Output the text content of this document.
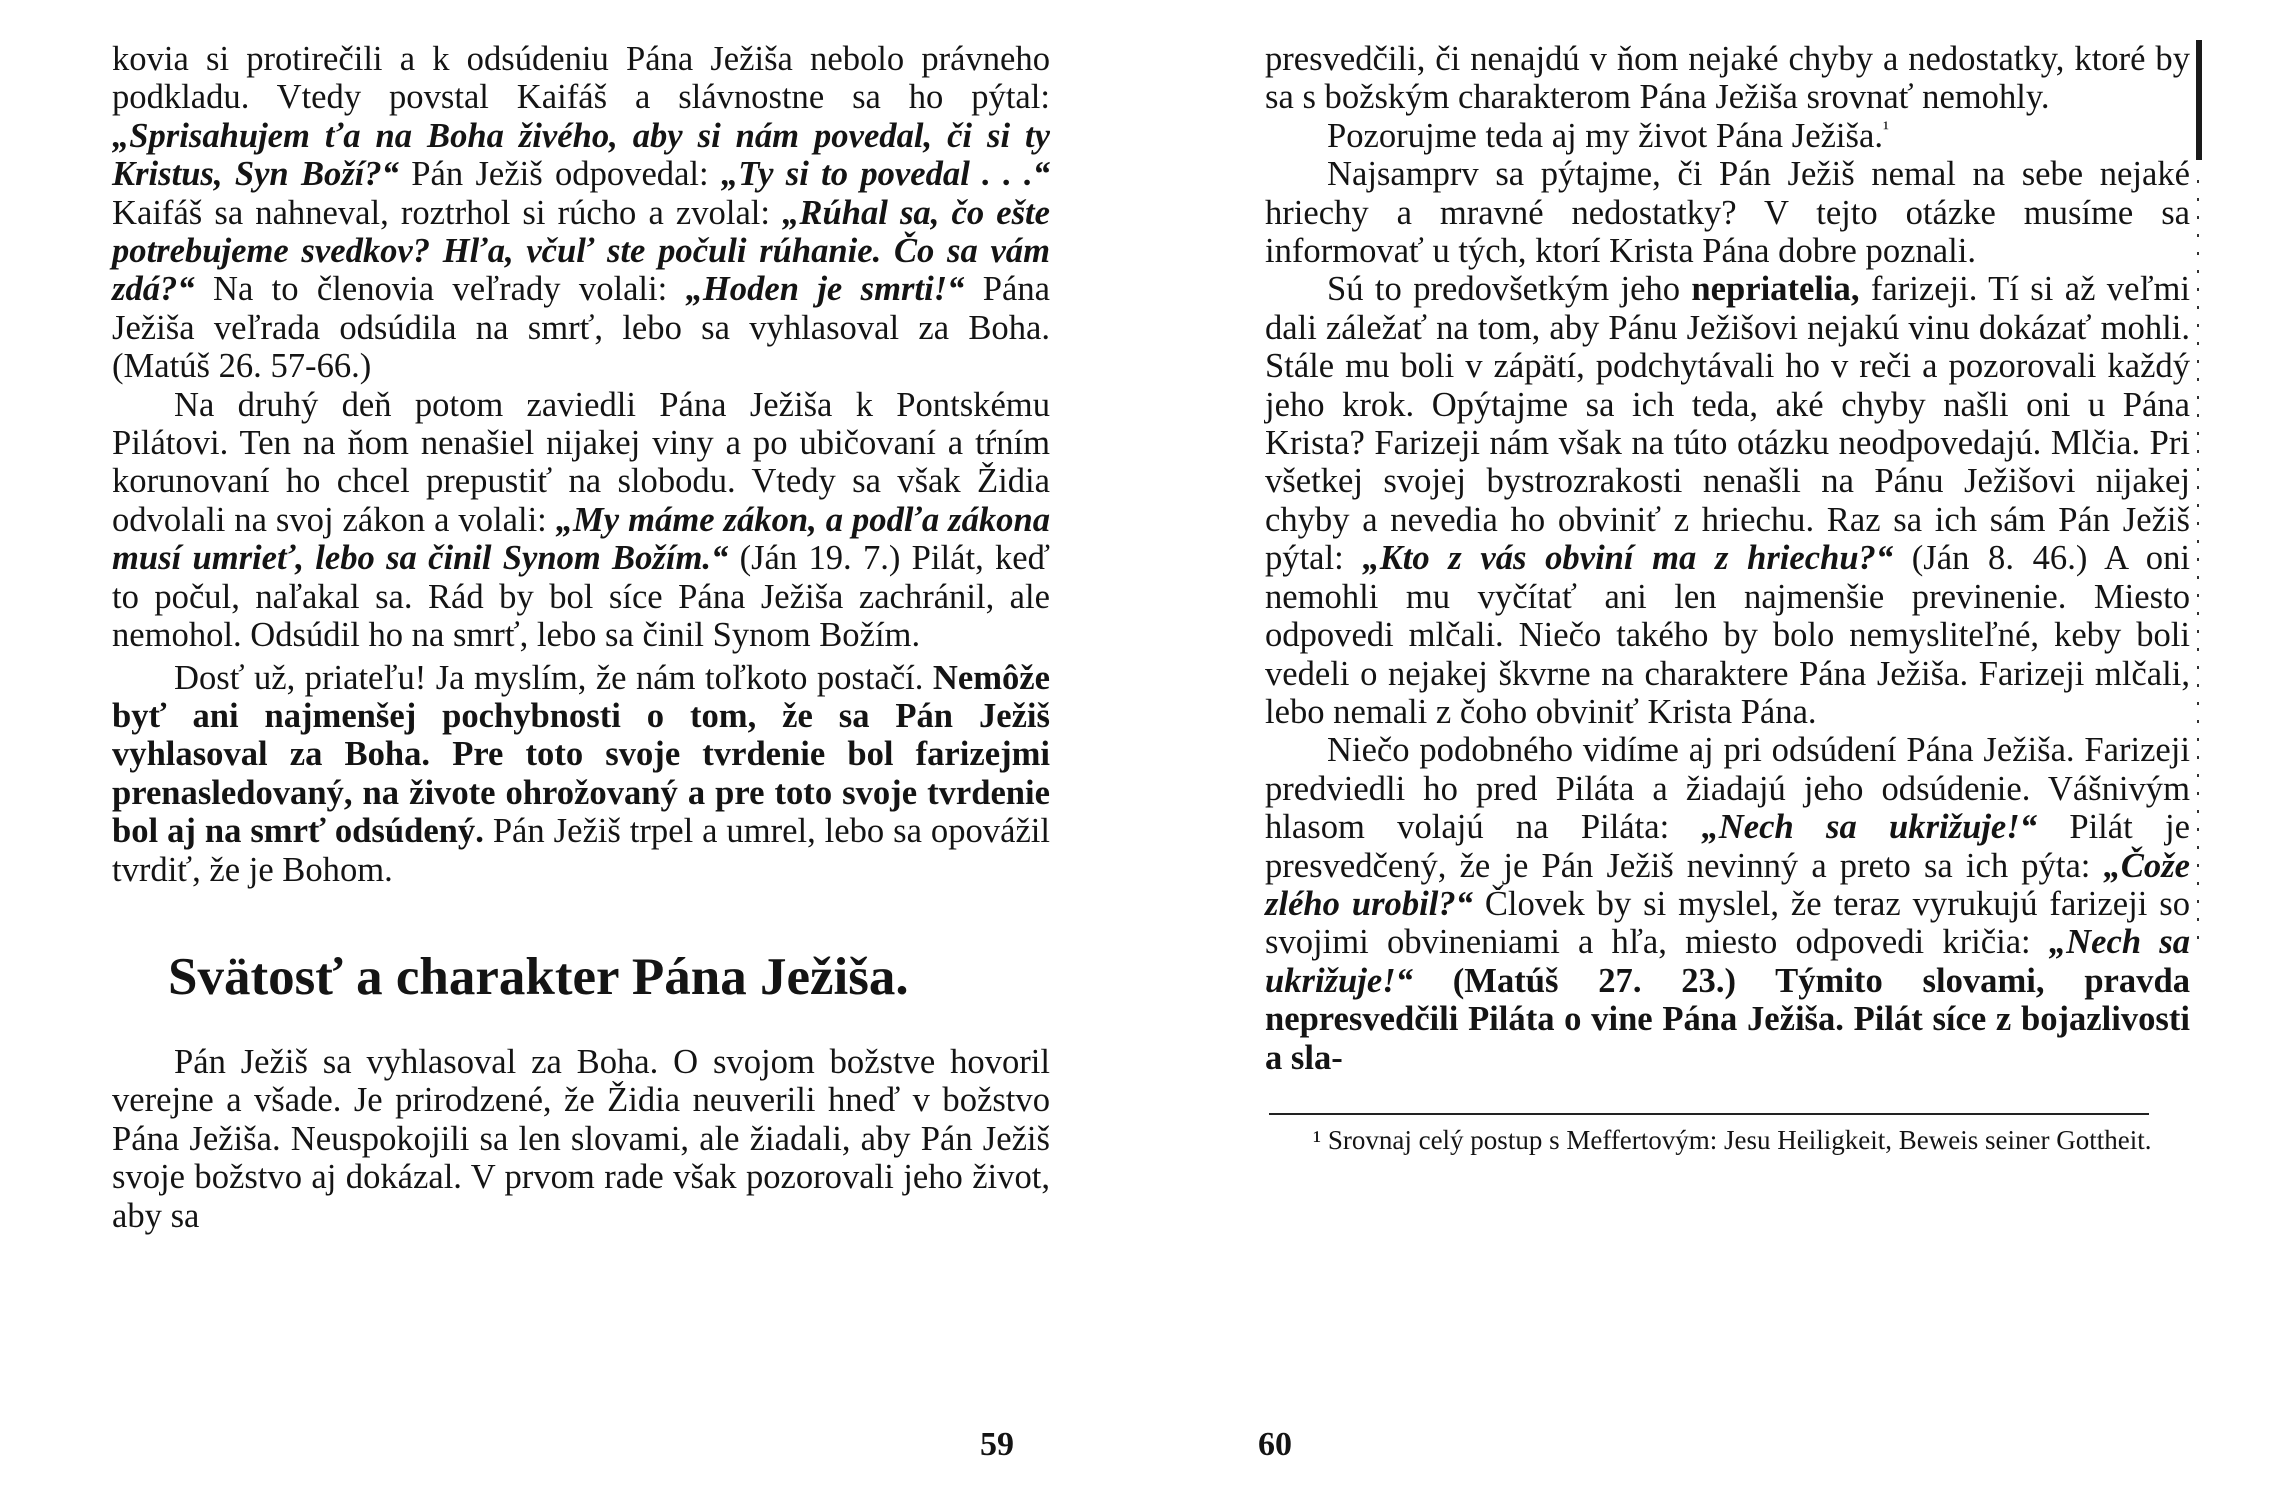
kovia si protirečili a k odsúdeniu Pána Ježiša nebolo právneho podkladu. Vtedy povstal Kaifáš a slávnostne sa ho pýtal: „Sprisahujem ťa na Boha živého, aby si nám povedal, či si ty Kristus, Syn Boží?“ Pán Ježiš odpovedal: „Ty si to povedal . . .“ Kaifáš sa nahneval, roztrhol si rúcho a zvolal: „Rúhal sa, čo ešte potrebujeme svedkov? Hľa, včuľ ste počuli rúhanie. Čo sa vám zdá?“ Na to členovia veľrady volali: „Hoden je smrti!“ Pána Ježiša veľrada odsúdila na smrť, lebo sa vyhlasoval za Boha. (Matúš 26. 57-66.)

Na druhý deň potom zaviedli Pána Ježiša k Pontskému Pilátovi. Ten na ňom nenašiel nijakej viny a po ubičovaní a tŕním korunovaní ho chcel prepustiť na slobodu. Vtedy sa však Židia odvolali na svoj zákon a volali: „My máme zákon, a podľa zákona musí umrieť, lebo sa činil Synom Božím.“ (Ján 19. 7.) Pilát, keď to počul, naľakal sa. Rád by bol síce Pána Ježiša zachránil, ale nemohol. Odsúdil ho na smrť, lebo sa činil Synom Božím.

Dosť už, priateľu! Ja myslím, že nám toľkoto postačí. Nemôže byť ani najmenšej pochybnosti o tom, že sa Pán Ježiš vyhlasoval za Boha. Pre toto svoje tvrdenie bol farizejmi prenasledovaný, na živote ohrožovaný a pre toto svoje tvrdenie bol aj na smrť odsúdený. Pán Ježiš trpel a umrel, lebo sa opovážil tvrdiť, že je Bohom.

Svätosť a charakter Pána Ježiša.

Pán Ježiš sa vyhlasoval za Boha. O svojom božstve hovoril verejne a všade. Je prirodzené, že Židia neuverili hneď v božstvo Pána Ježiša. Neuspokojili sa len slovami, ale žiadali, aby Pán Ježiš svoje božstvo aj dokázal. V prvom rade však pozorovali jeho život, aby sa

59

presvedčili, či nenajdú v ňom nejaké chyby a nedostatky, ktoré by sa s božským charakterom Pána Ježiša srovnať nemohly.

Pozorujme teda aj my život Pána Ježiša.$^{^1}$

Najsamprv sa pýtajme, či Pán Ježiš nemal na sebe nejaké hriechy a mravné nedostatky? V tejto otázke musíme sa informovať u tých, ktorí Krista Pána dobre poznali.

Sú to predovšetkým jeho nepriatelia, farizeji. Tí si až veľmi dali záležať na tom, aby Pánu Ježišovi nejakú vinu dokázať mohli. Stále mu boli v zápätí, podchytávali ho v reči a pozorovali každý jeho krok. Opýtajme sa ich teda, aké chyby našli oni u Pána Krista? Farizeji nám však na túto otázku neodpovedajú. Mlčia. Pri všetkej svojej bystrozrakosti nenašli na Pánu Ježišovi nijakej chyby a nevedia ho obviniť z hriechu. Raz sa ich sám Pán Ježiš pýtal: „Kto z vás obviní ma z hriechu?“ (Ján 8. 46.) A oni nemohli mu vyčítať ani len najmenšie previnenie. Miesto odpovedi mlčali. Niečo takého by bolo nemysliteľné, keby boli vedeli o nejakej škvrne na charaktere Pána Ježiša. Farizeji mlčali, lebo nemali z čoho obviniť Krista Pána.

Niečo podobného vidíme aj pri odsúdení Pána Ježiša. Farizeji predviedli ho pred Piláta a žiadajú jeho odsúdenie. Vášnivým hlasom volajú na Piláta: „Nech sa ukrižuje!“ Pilát je presvedčený, že je Pán Ježiš nevinný a preto sa ich pýta: „Čože zlého urobil?“ Človek by si myslel, že teraz vyrukujú farizeji so svojimi obvineniami a hľa, miesto odpovedi kričia: „Nech sa ukrižuje!“ (Matúš 27. 23.) Týmito slovami, pravda nepresvedčili Piláta o vine Pána Ježiša. Pilát síce z bojazlivosti a sla-

¹ Srovnaj celý postup s Meffertovým: Jesu Heiligkeit, Beweis seiner Gottheit.

60
